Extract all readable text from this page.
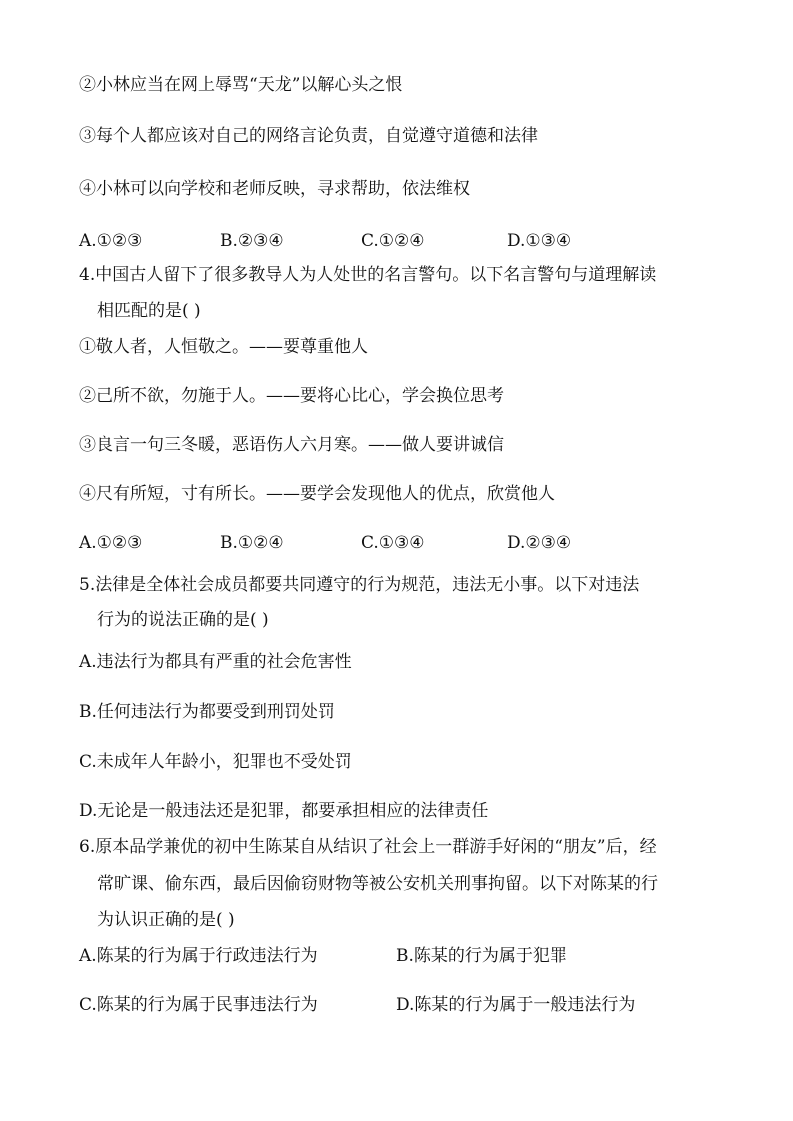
②小林应当在网上辱骂“天龙”以解心头之恨
③每个人都应该对自己的网络言论负责，自觉遵守道德和法律
④小林可以向学校和老师反映，寻求帮助，依法维权
A.①②③	B.②③④	C.①②④	D.①③④
4.中国古人留下了很多教导人为人处世的名言警句。以下名言警句与道理解读
相匹配的是( )
①敬人者，人恒敬之。——要尊重他人
②己所不欲，勿施于人。——要将心比心，学会换位思考
③良言一句三冬暖，恶语伤人六月寒。——做人要讲诚信
④尺有所短，寸有所长。——要学会发现他人的优点，欣赏他人
A.①②③	B.①②④	C.①③④	D.②③④
5.法律是全体社会成员都要共同遵守的行为规范，违法无小事。以下对违法
行为的说法正确的是( )
A.违法行为都具有严重的社会危害性
B.任何违法行为都要受到刑罚处罚
C.未成年人年龄小，犯罪也不受处罚
D.无论是一般违法还是犯罪，都要承担相应的法律责任
6.原本品学兼优的初中生陈某自从结识了社会上一群游手好闲的“朋友”后，经
常旷课、偷东西，最后因偷窃财物等被公安机关刑事拘留。以下对陈某的行
为认识正确的是( )
A.陈某的行为属于行政违法行为	B.陈某的行为属于犯罪
C.陈某的行为属于民事违法行为	D.陈某的行为属于一般违法行为
